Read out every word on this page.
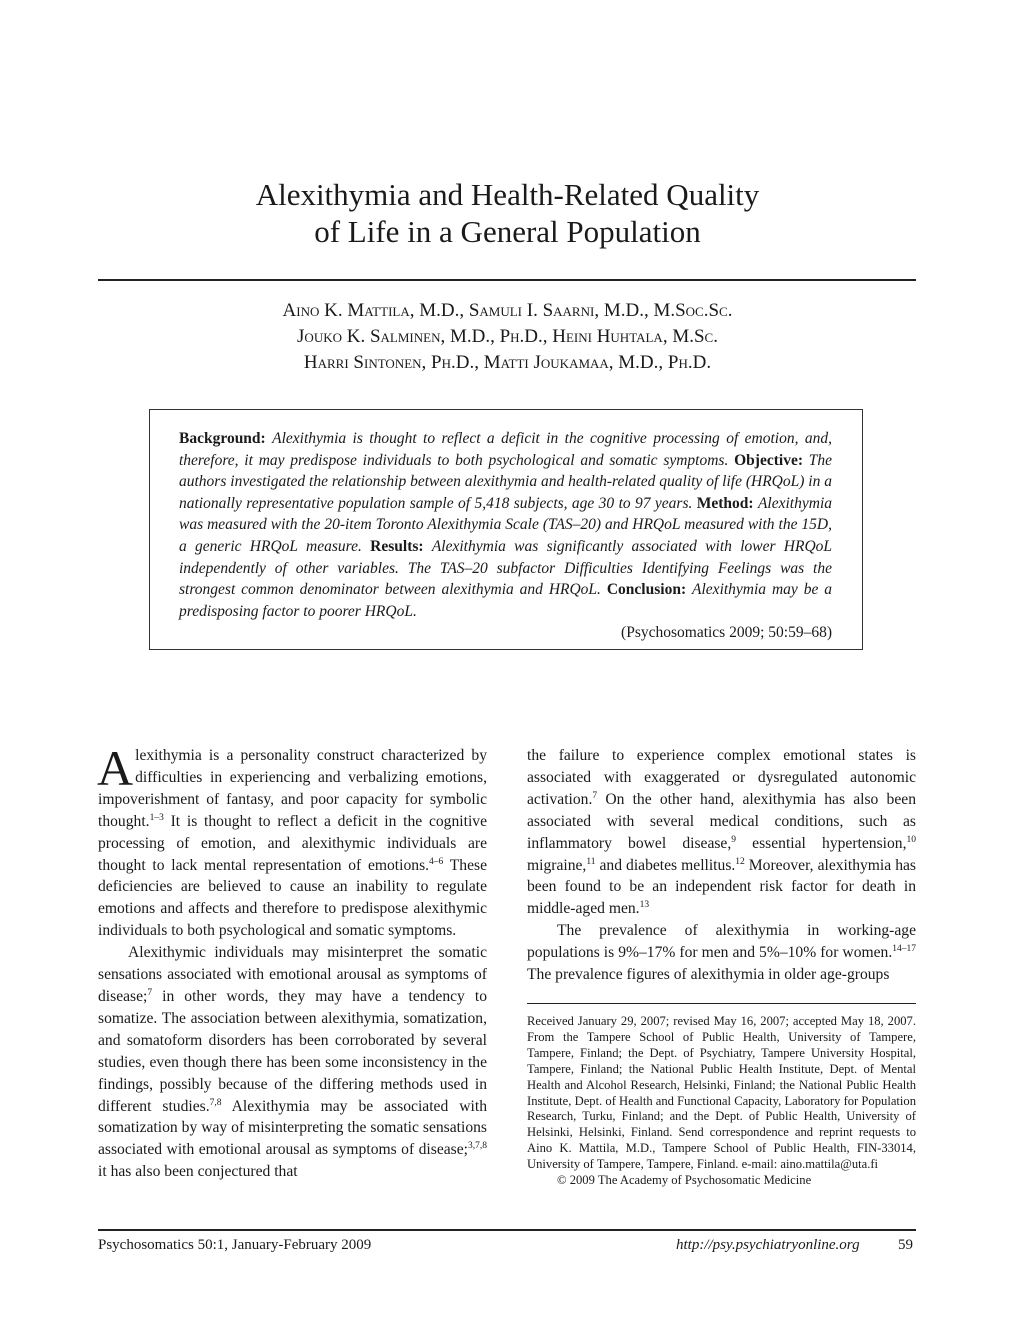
Alexithymia and Health-Related Quality
of Life in a General Population
Aino K. Mattila, M.D., Samuli I. Saarni, M.D., M.Soc.Sc.
Jouko K. Salminen, M.D., Ph.D., Heini Huhtala, M.Sc.
Harri Sintonen, Ph.D., Matti Joukamaa, M.D., Ph.D.
Background: Alexithymia is thought to reflect a deficit in the cognitive processing of emotion, and, therefore, it may predispose individuals to both psychological and somatic symptoms. Objective: The authors investigated the relationship between alexithymia and health-related quality of life (HRQoL) in a nationally representative population sample of 5,418 subjects, age 30 to 97 years. Method: Alexithymia was measured with the 20-item Toronto Alexithymia Scale (TAS–20) and HRQoL measured with the 15D, a generic HRQoL measure. Results: Alexithymia was significantly associated with lower HRQoL independently of other variables. The TAS–20 subfactor Difficulties Identifying Feelings was the strongest common denominator between alexithymia and HRQoL. Conclusion: Alexithymia may be a predisposing factor to poorer HRQoL.
(Psychosomatics 2009; 50:59–68)

Alexithymia is a personality construct characterized by difficulties in experiencing and verbalizing emotions, impoverishment of fantasy, and poor capacity for symbolic thought.$^{1-3}$ It is thought to reflect a deficit in the cognitive processing of emotion, and alexithymic individuals are thought to lack mental representation of emotions.$^{4-6}$ These deficiencies are believed to cause an inability to regulate emotions and affects and therefore to predispose alexithymic individuals to both psychological and somatic symptoms.

Alexithymic individuals may misinterpret the somatic sensations associated with emotional arousal as symptoms of disease;$^7$ in other words, they may have a tendency to somatize. The association between alexithymia, somatization, and somatoform disorders has been corroborated by several studies, even though there has been some inconsistency in the findings, possibly because of the differing methods used in different studies.$^{7,8}$ Alexithymia may be associated with somatization by way of misinterpreting the somatic sensations associated with emotional arousal as symptoms of disease;$^{3,7,8}$ it has also been conjectured that

the failure to experience complex emotional states is associated with exaggerated or dysregulated autonomic activation.$^7$ On the other hand, alexithymia has also been associated with several medical conditions, such as inflammatory bowel disease,$^9$ essential hypertension,$^{10}$ migraine,$^{11}$ and diabetes mellitus.$^{12}$ Moreover, alexithymia has been found to be an independent risk factor for death in middle-aged men.$^{13}$

The prevalence of alexithymia in working-age populations is 9%–17% for men and 5%–10% for women.$^{14-17}$ The prevalence figures of alexithymia in older age-groups

Received January 29, 2007; revised May 16, 2007; accepted May 18, 2007. From the Tampere School of Public Health, University of Tampere, Tampere, Finland; the Dept. of Psychiatry, Tampere University Hospital, Tampere, Finland; the National Public Health Institute, Dept. of Mental Health and Alcohol Research, Helsinki, Finland; the National Public Health Institute, Dept. of Health and Functional Capacity, Laboratory for Population Research, Turku, Finland; and the Dept. of Public Health, University of Helsinki, Helsinki, Finland. Send correspondence and reprint requests to Aino K. Mattila, M.D., Tampere School of Public Health, FIN-33014, University of Tampere, Tampere, Finland. e-mail: aino.mattila@uta.fi

© 2009 The Academy of Psychosomatic Medicine

Psychosomatics 50:1, January-February 2009	http://psy.psychiatryonline.org	59
